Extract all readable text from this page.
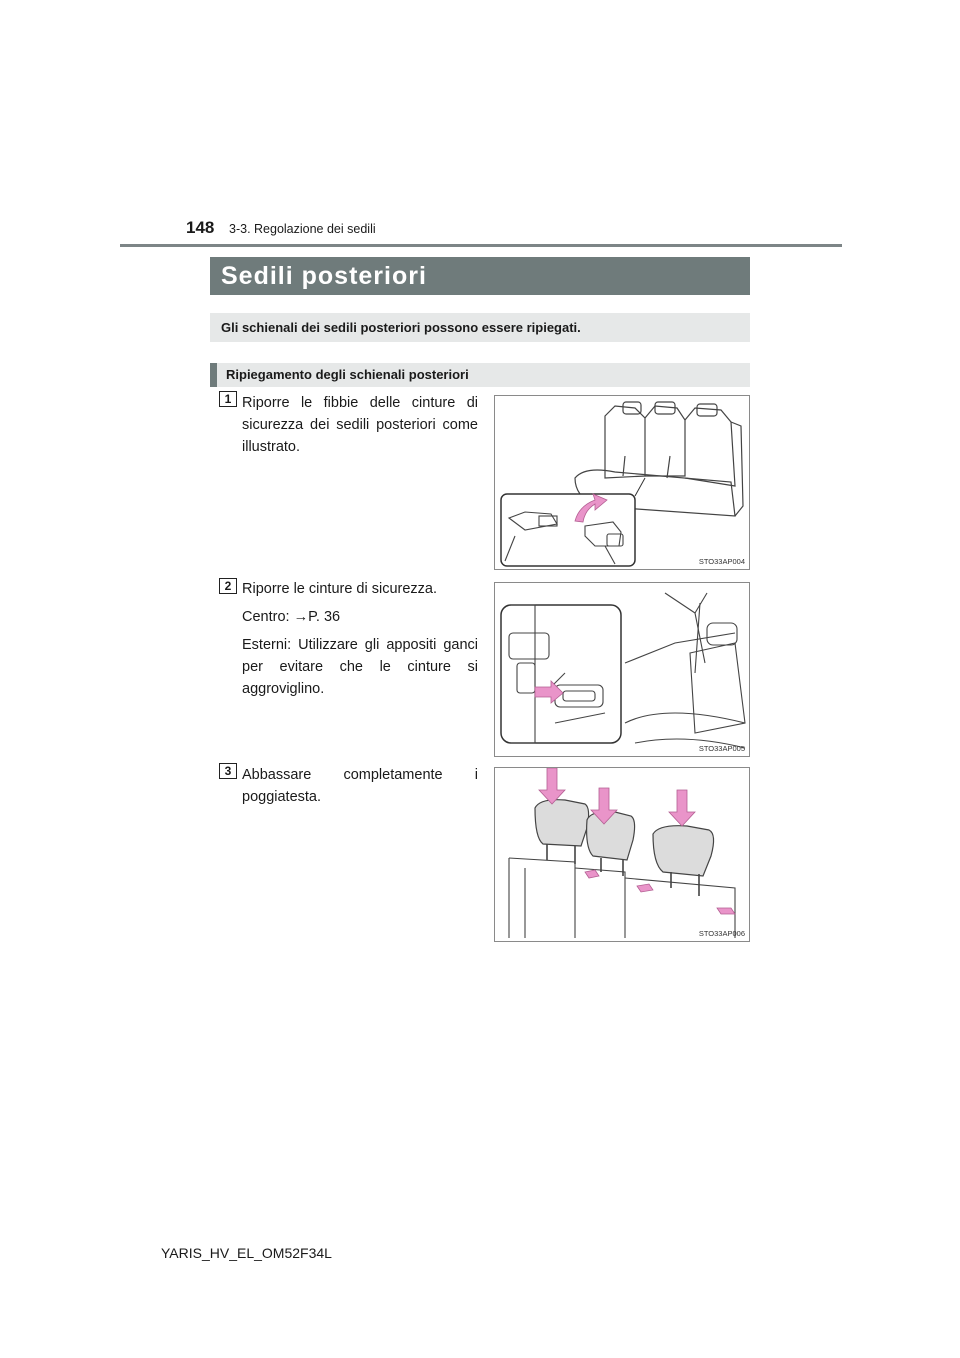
148 3-3. Regolazione dei sedili
Sedili posteriori
Gli schienali dei sedili posteriori possono essere ripiegati.
Ripiegamento degli schienali posteriori
1 Riporre le fibbie delle cinture di sicurezza dei sedili posteriori come illustrato.

STO33AP004
2 Riporre le cinture di sicurezza.

Centro: →P. 36

Esterni: Utilizzare gli appositi ganci per evitare che le cinture si aggroviglino.

STO33AP005
3 Abbassare completamente i poggiatesta.

STO33AP006
YARIS_HV_EL_OM52F34L
